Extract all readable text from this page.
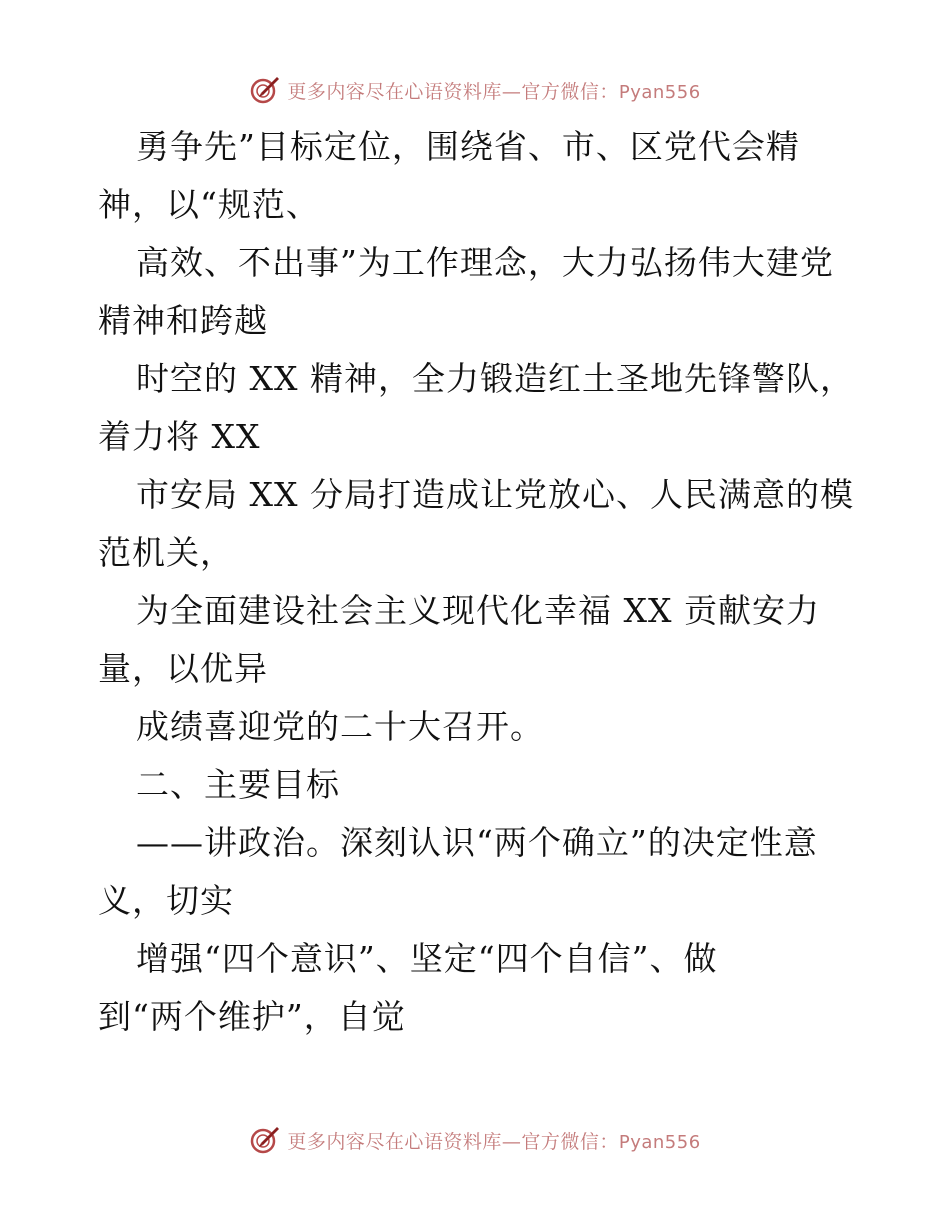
更多内容尽在心语资料库—官方微信：Pyan556
勇争先”目标定位，围绕省、市、区党代会精
神，以“规范、
高效、不出事”为工作理念，大力弘扬伟大建党
精神和跨越
时空的 XX 精神，全力锻造红土圣地先锋警队，
着力将 XX
市安局 XX 分局打造成让党放心、人民满意的模
范机关，
为全面建设社会主义现代化幸福 XX 贡献安力
量，以优异
成绩喜迎党的二十大召开。
二、主要目标
——讲政治。深刻认识“两个确立”的决定性意
义，切实
增强“四个意识”、坚定“四个自信”、做
到“两个维护”，自觉
更多内容尽在心语资料库—官方微信：Pyan556
